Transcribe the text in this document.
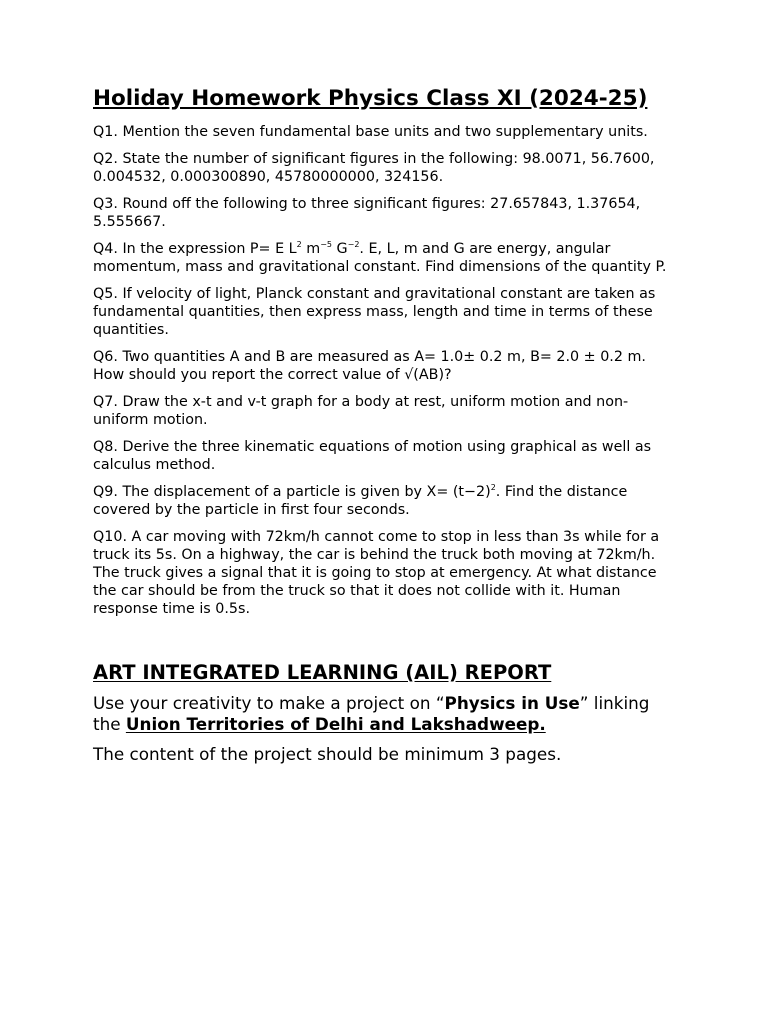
Holiday Homework Physics Class XI (2024-25)

Q1. Mention the seven fundamental base units and two supplementary units.

Q2. State the number of significant figures in the following: 98.0071, 56.7600, 0.004532, 0.000300890, 45780000000, 324156.

Q3. Round off the following to three significant figures: 27.657843, 1.37654, 5.555667.

Q4. In the expression P= E $L^2$ $m^{-5}$ $G^{-2}$. E, L, m and G are energy, angular momentum, mass and gravitational constant. Find dimensions of the quantity P.

Q5. If velocity of light, Planck constant and gravitational constant are taken as fundamental quantities, then express mass, length and time in terms of these quantities.

Q6. Two quantities A and B are measured as A= 1.0± 0.2 m, B= 2.0 ± 0.2 m. How should you report the correct value of √(AB)?

Q7. Draw the x-t and v-t graph for a body at rest, uniform motion and non-uniform motion.

Q8. Derive the three kinematic equations of motion using graphical as well as calculus method.

Q9. The displacement of a particle is given by $X= (t-2)^2$. Find the distance covered by the particle in first four seconds.

Q10. A car moving with 72km/h cannot come to stop in less than 3s while for a truck its 5s. On a highway, the car is behind the truck both moving at 72km/h. The truck gives a signal that it is going to stop at emergency. At what distance the car should be from the truck so that it does not collide with it. Human response time is 0.5s.

ART INTEGRATED LEARNING (AIL) REPORT

Use your creativity to make a project on “Physics in Use” linking the Union Territories of Delhi and Lakshadweep.

The content of the project should be minimum 3 pages.
